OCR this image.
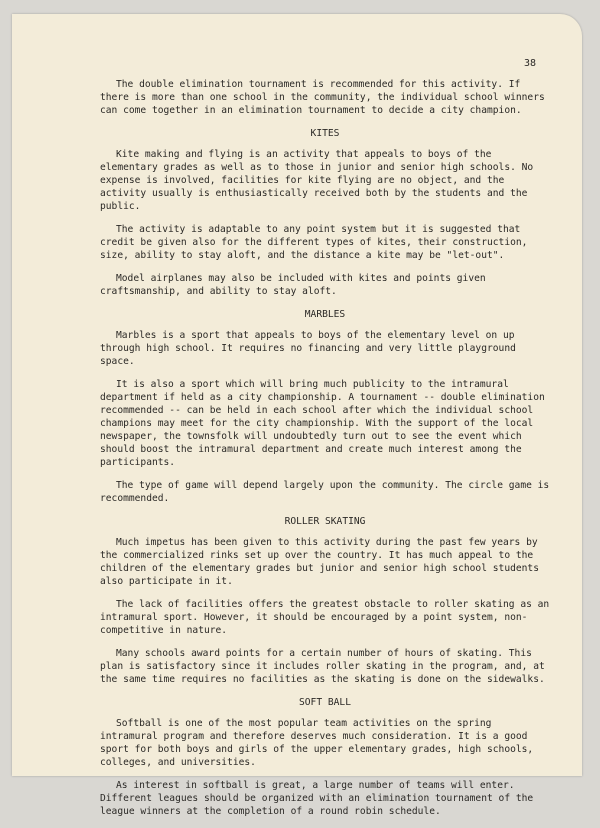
38

The double elimination tournament is recommended for this activity. If there is more than one school in the community, the individual school winners can come together in an elimination tournament to decide a city champion.

KITES

Kite making and flying is an activity that appeals to boys of the elementary grades as well as to those in junior and senior high schools. No expense is involved, facilities for kite flying are no object, and the activity usually is enthusiastically received both by the students and the public.

The activity is adaptable to any point system but it is suggested that credit be given also for the different types of kites, their construction, size, ability to stay aloft, and the distance a kite may be "let-out".

Model airplanes may also be included with kites and points given craftsmanship, and ability to stay aloft.

MARBLES

Marbles is a sport that appeals to boys of the elementary level on up through high school. It requires no financing and very little playground space.

It is also a sport which will bring much publicity to the intramural department if held as a city championship. A tournament -- double elimination recommended -- can be held in each school after which the individual school champions may meet for the city championship. With the support of the local newspaper, the townsfolk will undoubtedly turn out to see the event which should boost the intramural department and create much interest among the participants.

The type of game will depend largely upon the community. The circle game is recommended.

ROLLER SKATING

Much impetus has been given to this activity during the past few years by the commercialized rinks set up over the country. It has much appeal to the children of the elementary grades but junior and senior high school students also participate in it.

The lack of facilities offers the greatest obstacle to roller skating as an intramural sport. However, it should be encouraged by a point system, non-competitive in nature.

Many schools award points for a certain number of hours of skating. This plan is satisfactory since it includes roller skating in the program, and, at the same time requires no facilities as the skating is done on the sidewalks.

SOFT BALL

Softball is one of the most popular team activities on the spring intramural program and therefore deserves much consideration. It is a good sport for both boys and girls of the upper elementary grades, high schools, colleges, and universities.

As interest in softball is great, a large number of teams will enter. Different leagues should be organized with an elimination tournament of the league winners at the completion of a round robin schedule.
